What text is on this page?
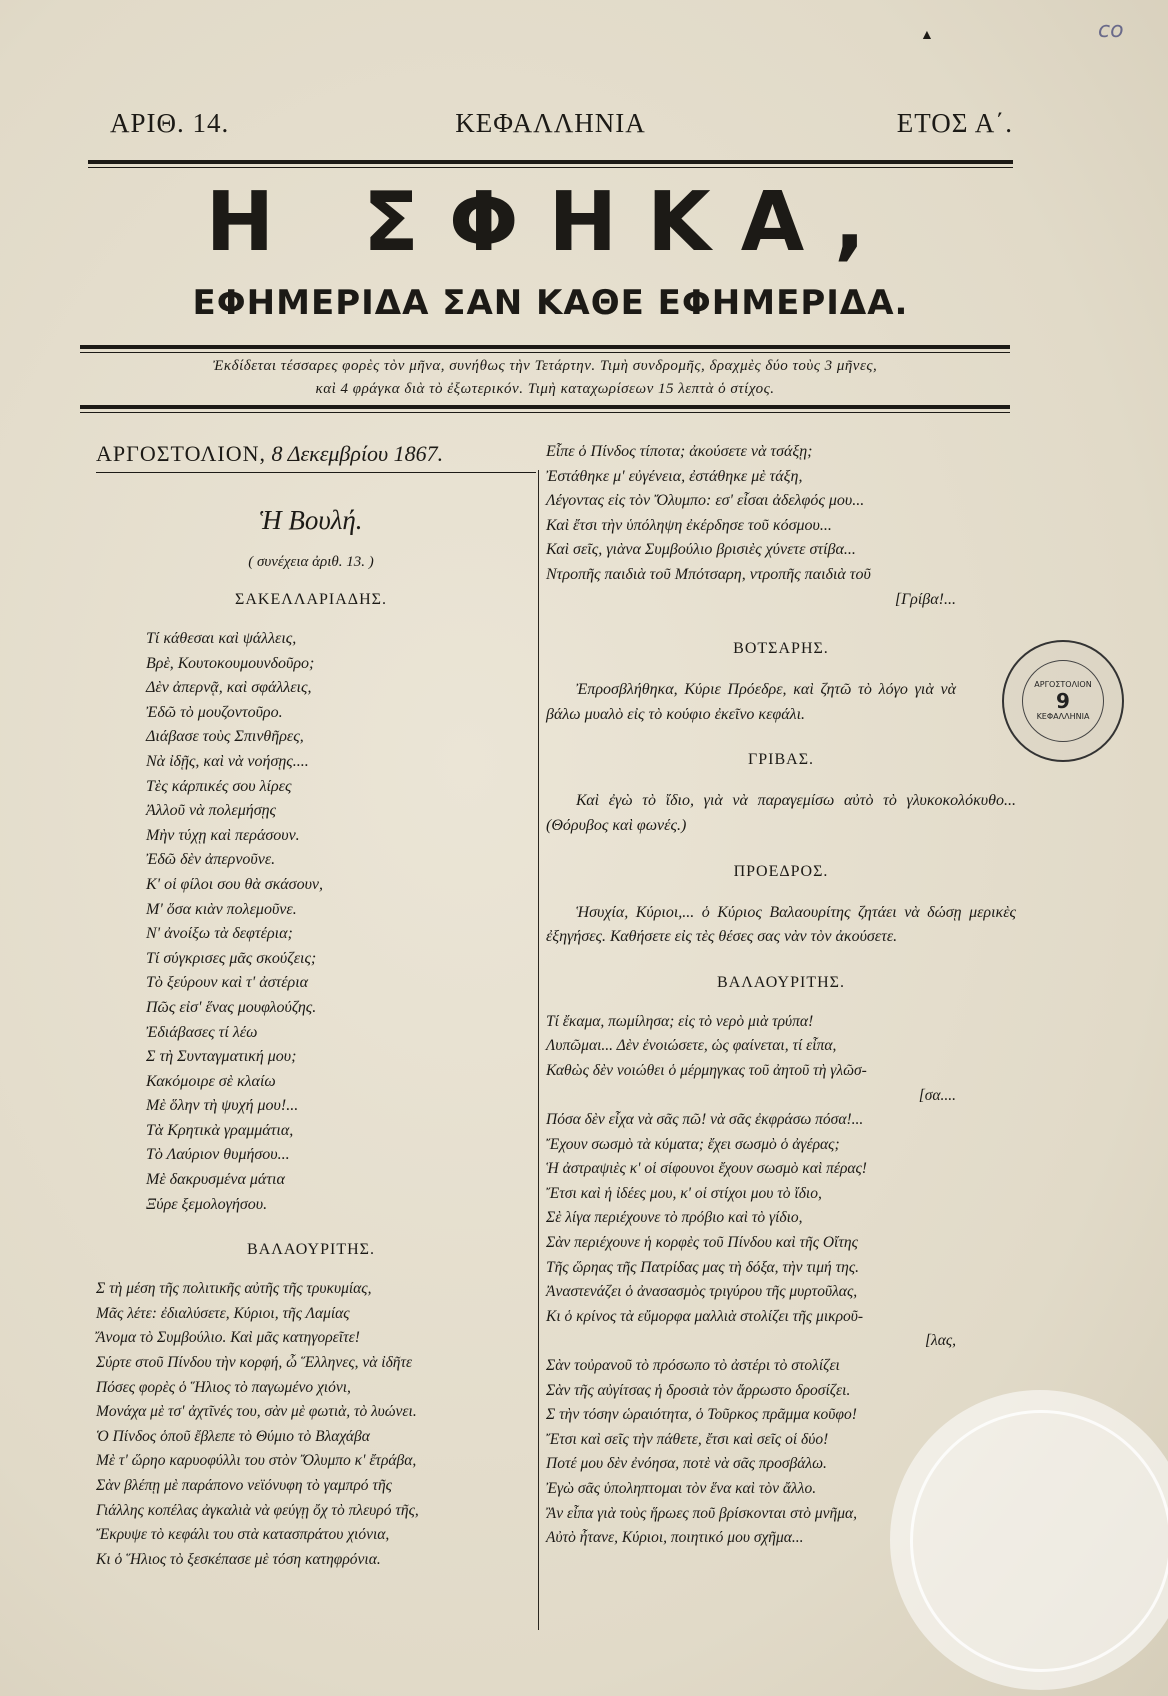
co
▲
ΑΡΙΘ. 14.	ΚΕΦΑΛΛΗΝΙΑ	ΕΤΟΣ Α΄.
Η ΣΦΗΚΑ,
ΕΦΗΜΕΡΙΔΑ ΣΑΝ ΚΑΘΕ ΕΦΗΜΕΡΙΔΑ.
Ἐκδίδεται τέσσαρες φορὲς τὸν μῆνα, συνήθως τὴν Τετάρτην. Τιμὴ συνδρομῆς, δραχμὲς δύο τοὺς 3 μῆνες,
καὶ 4 φράγκα διὰ τὸ ἐξωτερικόν. Τιμὴ καταχωρίσεων 15 λεπτὰ ὁ στίχος.
ΑΡΓΟΣΤΟΛΙΟΝ, 8 Δεκεμβρίου 1867.
Ἡ Βουλή.
( συνέχεια ἀριθ. 13. )
ΣΑΚΕΛΛΑΡΙΑΔΗΣ.
Τί κάθεσαι καὶ ψάλλεις,
Βρὲ, Κουτοκουμουνδοῦρο;
Δὲν ἀπερνᾷ, καὶ σφάλλεις,
Ἐδῶ τὸ μουζοντοῦρο.
Διάβασε τοὺς Σπινθῆρες,
Νὰ ἰδῇς, καὶ νὰ νοήσῃς....
Τὲς κάρπικές σου λίρες
Ἀλλοῦ νὰ πολεμήσῃς
Μὴν τύχῃ καὶ περάσουν.
Ἐδῶ δὲν ἀπερνοῦνε.
Κ' οἱ φίλοι σου θὰ σκάσουν,
Μ' ὅσα κιὰν πολεμοῦνε.
Ν' ἀνοίξω τὰ δεφτέρια;
Τί σύγκρισες μᾶς σκούζεις;
Τὸ ξεύρουν καὶ τ' ἀστέρια
Πῶς εἰσ' ἕνας μουφλούζης.
Ἐδιάβασες τί λέω
Σ τὴ Συνταγματική μου;
Κακόμοιρε σὲ κλαίω
Μὲ ὅλην τὴ ψυχή μου!...
Τὰ Κρητικὰ γραμμάτια,
Τὸ Λαύριον θυμήσου...
Μὲ δακρυσμένα μάτια
Ξύρε ξεμολογήσου.
ΒΑΛΑΟΥΡΙΤΗΣ.
Σ τὴ μέση τῆς πολιτικῆς αὐτῆς τῆς τρυκυμίας,
Μᾶς λέτε: ἐδιαλύσετε, Κύριοι, τῆς Λαμίας
Ἄνομα τὸ Συμβούλιο. Καὶ μᾶς κατηγορεῖτε!
Σύρτε στοῦ Πίνδου τὴν κορφή, ὦ Ἕλληνες, νὰ ἰδῆτε
Πόσες φορὲς ὁ Ἥλιος τὸ παγωμένο χιόνι,
Μονάχα μὲ τσ' ἀχτῖνές του, σὰν μὲ φωτιὰ, τὸ λυώνει.
Ὁ Πίνδος ὁποῦ ἔβλεπε τὸ Θύμιο τὸ Βλαχάβα
Μὲ τ' ὥρηο καρυοφύλλι του στὸν Ὄλυμπο κ' ἔτράβα,
Σὰν βλέπῃ μὲ παράπονο νεϊόνυφη τὸ γαμπρό τῆς
Γιάλλης κοπέλας ἀγκαλιὰ νὰ φεύγῃ ὄχ τὸ πλευρό τῆς,
Ἔκρυψε τὸ κεφάλι του στὰ κατασπράτου χιόνια,
Κι ὁ Ἥλιος τὸ ξεσκέπασε μὲ τόση κατηφρόνια.
Εἶπε ὁ Πίνδος τίποτα; ἀκούσετε νὰ τσάξῃ;
Ἐστάθηκε μ' εὐγένεια, ἐστάθηκε μὲ τάξη,
Λέγοντας εἰς τὸν Ὄλυμπο: εσ' εἶσαι ἀδελφός μου...
Καὶ ἔτσι τὴν ὑπόληψη ἐκέρδησε τοῦ κόσμου...
Καὶ σεῖς, γιὰνα Συμβούλιο βρισιὲς χύνετε στίβα...
Ντροπῆς παιδιὰ τοῦ Μπότσαρη, ντροπῆς παιδιὰ τοῦ
[Γρίβα!...
ΒΟΤΣΑΡΗΣ.
Ἐπροσβλήθηκα, Κύριε Πρόεδρε, καὶ ζητῶ τὸ λόγο γιὰ νὰ βάλω μυαλὸ εἰς τὸ κούφιο ἐκεῖνο κεφάλι.
ΓΡΙΒΑΣ.
Καὶ ἐγὼ τὸ ἴδιο, γιὰ νὰ παραγεμίσω αὐτὸ τὸ γλυκοκολόκυθο... (Θόρυβος καὶ φωνές.)
ΠΡΟΕΔΡΟΣ.
Ἡσυχία, Κύριοι,... ὁ Κύριος Βαλαουρίτης ζητάει νὰ δώσῃ μερικὲς ἐξηγήσες. Καθήσετε εἰς τὲς θέσες σας νὰν τὸν ἀκούσετε.
ΒΑΛΑΟΥΡΙΤΗΣ.
Τί ἔκαμα, πωμίλησα; εἰς τὸ νερὸ μιὰ τρύπα!
Λυπῶμαι... Δὲν ἐνοιώσετε, ὡς φαίνεται, τί εἶπα,
Καθὼς δὲν νοιώθει ὁ μέρμηγκας τοῦ ἀητοῦ τὴ γλῶσ-
[σα....
Πόσα δὲν εἶχα νὰ σᾶς πῶ! νὰ σᾶς ἐκφράσω πόσα!...
Ἔχουν σωσμὸ τὰ κύματα; ἔχει σωσμὸ ὁ ἀγέρας;
Ἡ ἀστραψιὲς κ' οἱ σίφουνοι ἔχουν σωσμὸ καὶ πέρας!
Ἔτσι καὶ ἡ ἰδέες μου, κ' οἱ στίχοι μου τὸ ἴδιο,
Σὲ λίγα περιέχουνε τὸ πρόβιο καὶ τὸ γίδιο,
Σὰν περιέχουνε ἡ κορφὲς τοῦ Πίνδου καὶ τῆς Οἴτης
Τῆς ὥρηας τῆς Πατρίδας μας τὴ δόξα, τὴν τιμή της.
Ἀναστενάζει ὁ ἀνασασμὸς τριγύρου τῆς μυρτοῦλας,
Κι ὁ κρίνος τὰ εὔμορφα μαλλιὰ στολίζει τῆς μικροῦ-
[λας,
Σὰν τοὐρανοῦ τὸ πρόσωπο τὸ ἀστέρι τὸ στολίζει
Σὰν τῆς αὐγίτσας ἡ δροσιὰ τὸν ἄρρωστο δροσίζει.
Σ τὴν τόσην ὡραιότητα, ὁ Τοῦρκος πρᾶμμα κοῦφο!
Ἔτσι καὶ σεῖς τὴν πάθετε, ἔτσι καὶ σεῖς οἱ δύο!
Ποτέ μου δὲν ἐνόησα, ποτὲ νὰ σᾶς προσβάλω.
Ἐγὼ σᾶς ὑποληπτομαι τὸν ἕνα καὶ τὸν ἄλλο.
Ἂν εἶπα γιὰ τοὺς ἥρωες ποῦ βρίσκονται στὸ μνῆμα,
Αὐτὸ ἦτανε, Κύριοι, ποιητικό μου σχῆμα...
ΑΡΓΟΣΤΟΛΙΟΝ
9
ΚΕΦΑΛΛΗΝΙΑ
